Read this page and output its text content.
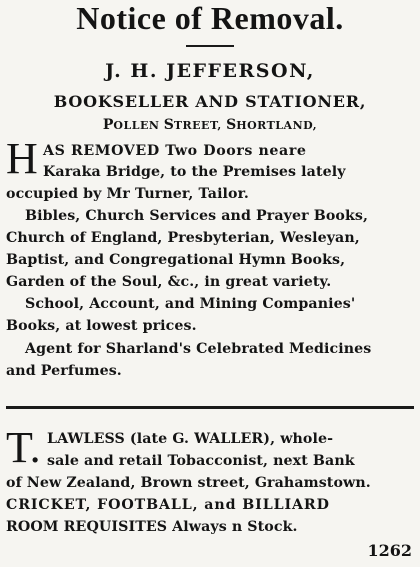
Notice of Removal.
J. H. JEFFERSON,
BOOKSELLER AND STATIONER,
POLLEN STREET, SHORTLAND,
H AS REMOVED Two Doors neare
Karaka Bridge, to the Premises lately
occupied by Mr Turner, Tailor.
Bibles, Church Services and Prayer Books,
Church of England, Presbyterian, Wesleyan,
Baptist, and Congregational Hymn Books,
Garden of the Soul, &c., in great variety.
School, Account, and Mining Companies'
Books, at lowest prices.
Agent for Sharland's Celebrated Medicines
and Perfumes.
T. LAWLESS (late G. WALLER), whole-
sale and retail Tobacconist, next Bank
of New Zealand, Brown street, Grahamstown.
CRICKET, FOOTBALL, and BILLIARD
ROOM REQUISITES Always n Stock.
1262
